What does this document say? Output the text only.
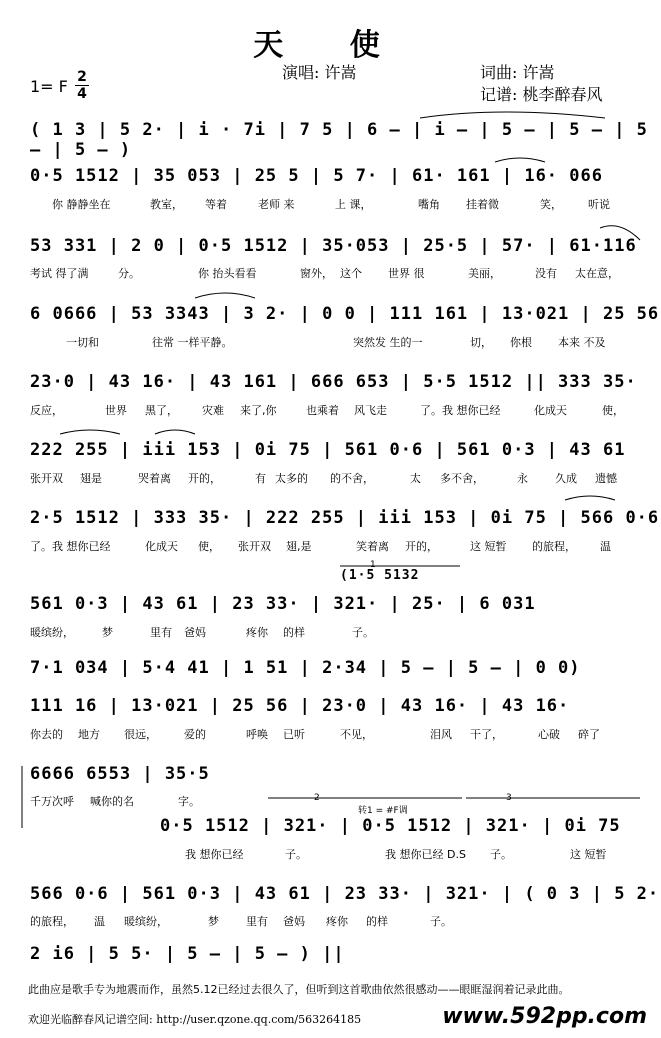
天 使
演唱: 许嵩	词曲: 许嵩
记谱: 桃李醉春风
1= F 2
4
( 1 3 | 5 2· | i · 7i | 7 5 | 6 – | i – | 5 – | 5 – | 5 – | 5 – )
0·5 1512 | 35 053 | 25 5 | 5 7· | 61· 161 | 16· 066
你 静静坐在	教室， 等着	老师 来	上 课，	嘴角 挂着微	笑， 听说
53 331 | 2 0 | 0·5 1512 | 35·053 | 25·5 | 57· | 61·116
考试 得了满	分。	你 抬头看看	窗外， 这个 世界 很	美丽，	没有 太在意，
6 0666 | 53 3343 | 3 2· | 0 0 | 111 161 | 13·021 | 25 56
一切和	往常 一样平静。	突然发 生的一	切， 你根 本来 不及
23·0 | 43 16· | 43 161 | 666 653 | 5·5 1512 || 333 35·
反应，	世界 黑了， 灾难 来了,你	也乘着 风飞走	了。 我 想你已经	化成天	使，
222 255 | iii 153 | 0i 75 | 561 0·6 | 561 0·3 | 43 61
张开双 翅是	哭着离 开的，	有 太多的 的不舍，	太 多不舍，	永 久成 遗憾
2·5 1512 | 333 35· | 222 255 | iii 153 | 0i 75 | 566 0·6
了。我 想你已经	化成天 使， 张开双 翅,是	笑着离 开的，	这 短暂 的旅程， 温
(1·5 5132
1
561 0·3 | 43 61 | 23 33· | 321· | 25· | 6 031
暖缤纷，	梦	里有 爸妈	疼你 的样	子。
7·1 034 | 5·4 41 | 1 51 | 2·34 | 5 – | 5 – | 0 0)
111 16 | 13·021 | 25 56 | 23·0 | 43 16· | 43 16·
你去的 地方 很远， 爱的	呼唤 已听	不见，	泪风 干了，	心破 碎了
6666 6553 | 35·5
千万次呼 喊你的名	字。	2	3
转1 = #F调
0·5 1512 | 321· | 0·5 1512 | 321· | 0i 75
我 想你已经	子。	我 想你已经 D.S 子。	这 短暂
566 0·6 | 561 0·3 | 43 61 | 23 33· | 321· | ( 0 3 | 5 2·
的旅程， 温 暖缤纷，	梦 里有 爸妈 疼你 的样	子。
2 i6 | 5 5· | 5 – | 5 – ) ||
此曲应是歌手专为地震而作，虽然5.12已经过去很久了，但听到这首歌曲依然很感动——眼眶湿润着记录此曲。
欢迎光临醉春风记谱空间: http://user.qzone.qq.com/563264185	www.592pp.com
